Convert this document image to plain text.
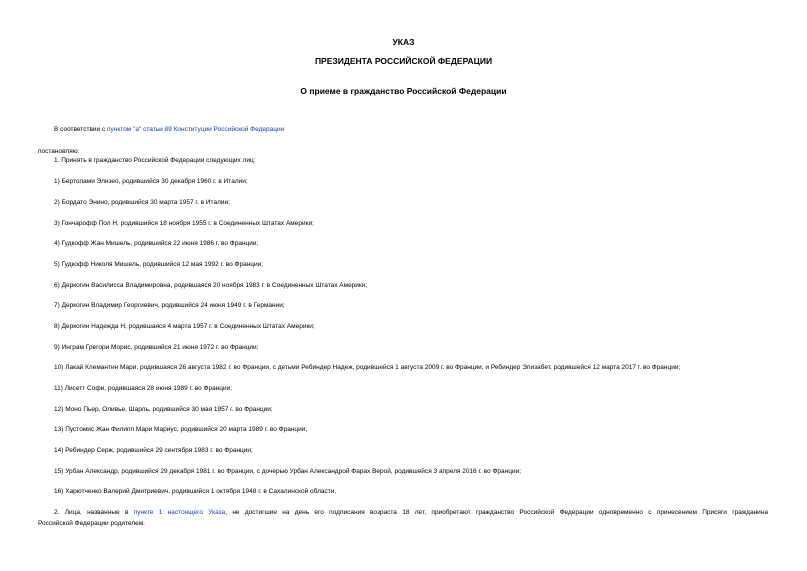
УКАЗ
ПРЕЗИДЕНТА РОССИЙСКОЙ ФЕДЕРАЦИИ
О приеме в гражданство Российской Федерации
В соответствии с пунктом "а" статьи 89 Конституции Российской Федерации
постановляю:
1. Принять в гражданство Российской Федерации следующих лиц:
1) Бертолами Элизео, родившийся 30 декабря 1960 г. в Италии;
2) Бордато Энино, родившийся 30 марта 1957 г. в Италии;
3) Гончарофф Пол Н, родившийся 18 ноября 1955 г. в Соединенных Штатах Америки;
4) Гудкофф Жан Мишель, родившийся 22 июня 1986 г. во Франции;
5) Гудкофф Николя Мишель, родившийся 12 мая 1992 г. во Франции;
6) Деркогин Василисса Владимировна, родившаяся 20 ноября 1983 г. в Соединенных Штатах Америки;
7) Деркогин Владимир Георгиевич, родившийся 24 июня 1949 г. в Германии;
8) Деркогин Надежда Н, родившаяся 4 марта 1957 г. в Соединенных Штатах Америки;
9) Инграм Грегори Морис, родившийся 21 июня 1972 г. во Франции;
10) Лакай Клемантин Мари, родившаяся 26 августа 1982 г. во Франции, с детьми Ребиндер Надеж, родившейся 1 августа 2009 г. во Франции, и Ребиндер Элизабет, родившейся 12 марта 2017 г. во Франции;
11) Лисетт Софи, родившаяся 28 июня 1989 г. во Франции;
12) Моно Пьер, Оливье, Шарль, родившийся 30 мая 1957 г. во Франции;
13) Пустомис Жан Филипп Мари Мариус, родившийся 20 марта 1989 г. во Франции;
14) Ребиндер Серж, родившийся 29 сентября 1983 г. во Франции;
15) Урбан Александр, родившийся 29 декабря 1981 г. во Франции, с дочерью Урбан Александрой Фарах Верой, родившейся 3 апреля 2016 г. во Франции;
16) Харютченко Валерий Дмитриевич, родившийся 1 октября 1948 г. в Сахалинской области.
2. Лица, названные в пункте 1 настоящего Указа, не достигшие на день его подписания возраста 18 лет, приобретают гражданство Российской Федерации одновременно с принесением Присяги гражданина
Российской Федерации родителем.
